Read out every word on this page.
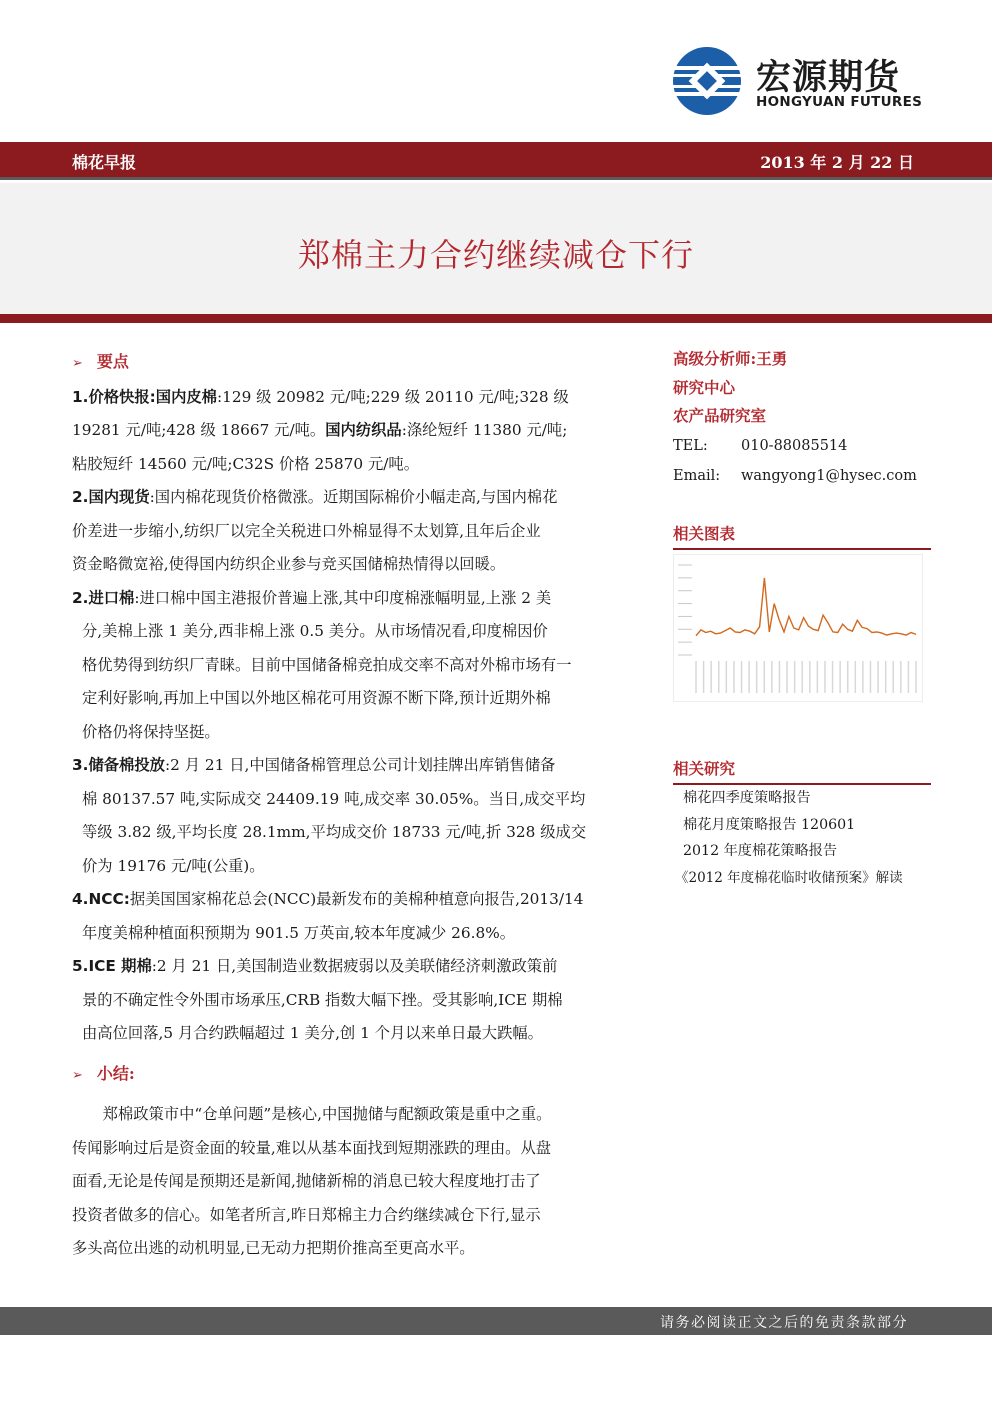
宏源期货
HONGYUAN FUTURES
棉花早报	2013 年 2 月 22 日
郑棉主力合约继续减仓下行

➢ 要点

1.价格快报:国内皮棉:129 级 20982 元/吨;229 级 20110 元/吨;328 级

19281 元/吨;428 级 18667 元/吨。国内纺织品:涤纶短纤 11380 元/吨;

粘胶短纤 14560 元/吨;C32S 价格 25870 元/吨。

2.国内现货:国内棉花现货价格微涨。近期国际棉价小幅走高,与国内棉花

价差进一步缩小,纺织厂以完全关税进口外棉显得不太划算,且年后企业

资金略微宽裕,使得国内纺织企业参与竞买国储棉热情得以回暖。

2.进口棉:进口棉中国主港报价普遍上涨,其中印度棉涨幅明显,上涨 2 美

分,美棉上涨 1 美分,西非棉上涨 0.5 美分。从市场情况看,印度棉因价

格优势得到纺织厂青睐。目前中国储备棉竞拍成交率不高对外棉市场有一

定利好影响,再加上中国以外地区棉花可用资源不断下降,预计近期外棉

价格仍将保持坚挺。

3.储备棉投放:2 月 21 日,中国储备棉管理总公司计划挂牌出库销售储备

棉 80137.57 吨,实际成交 24409.19 吨,成交率 30.05%。当日,成交平均

等级 3.82 级,平均长度 28.1mm,平均成交价 18733 元/吨,折 328 级成交

价为 19176 元/吨(公重)。

4.NCC:据美国国家棉花总会(NCC)最新发布的美棉种植意向报告,2013/14

年度美棉种植面积预期为 901.5 万英亩,较本年度减少 26.8%。

5.ICE 期棉:2 月 21 日,美国制造业数据疲弱以及美联储经济刺激政策前

景的不确定性令外围市场承压,CRB 指数大幅下挫。受其影响,ICE 期棉

由高位回落,5 月合约跌幅超过 1 美分,创 1 个月以来单日最大跌幅。

➢ 小结:

郑棉政策市中“仓单问题”是核心,中国抛储与配额政策是重中之重。

传闻影响过后是资金面的较量,难以从基本面找到短期涨跌的理由。从盘

面看,无论是传闻是预期还是新闻,抛储新棉的消息已较大程度地打击了

投资者做多的信心。如笔者所言,昨日郑棉主力合约继续减仓下行,显示

多头高位出逃的动机明显,已无动力把期价推高至更高水平。

高级分析师:王勇
研究中心
农产品研究室
TEL: 010-88085514
Email: wangyong1@hysec.com
相关图表
相关研究
棉花四季度策略报告
棉花月度策略报告 120601
2012 年度棉花策略报告
《2012 年度棉花临时收储预案》解读
请务必阅读正文之后的免责条款部分
